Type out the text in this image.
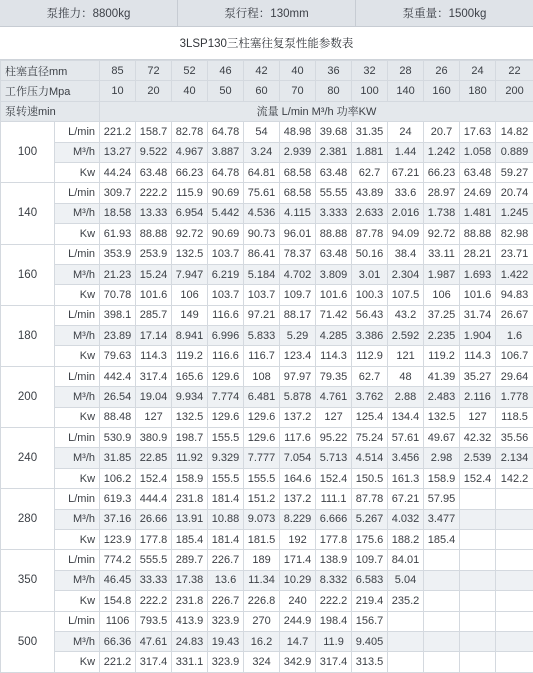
泵推力：8800kg	泵行程：130mm	泵重量：1500kg
3LSP130三柱塞往复泵性能参数表
柱塞直径mm		85	72	52	46	42	40	36	32	28	26	24	22
工作压力Mpa		10	20	40	50	60	70	80	100	140	160	180	200
泵转速min		流量 L/min M³/h 功率KW											
100	L/min	221.2	158.7	82.78	64.78	54	48.98	39.68	31.35	24	20.7	17.63	14.82
	M³/h	13.27	9.522	4.967	3.887	3.24	2.939	2.381	1.881	1.44	1.242	1.058	0.889
	Kw	44.24	63.48	66.23	64.78	64.81	68.58	63.48	62.7	67.21	66.23	63.48	59.27
140	L/min	309.7	222.2	115.9	90.69	75.61	68.58	55.55	43.89	33.6	28.97	24.69	20.74
	M³/h	18.58	13.33	6.954	5.442	4.536	4.115	3.333	2.633	2.016	1.738	1.481	1.245
	Kw	61.93	88.88	92.72	90.69	90.73	96.01	88.88	87.78	94.09	92.72	88.88	82.98
160	L/min	353.9	253.9	132.5	103.7	86.41	78.37	63.48	50.16	38.4	33.11	28.21	23.71
	M³/h	21.23	15.24	7.947	6.219	5.184	4.702	3.809	3.01	2.304	1.987	1.693	1.422
	Kw	70.78	101.6	106	103.7	103.7	109.7	101.6	100.3	107.5	106	101.6	94.83
180	L/min	398.1	285.7	149	116.6	97.21	88.17	71.42	56.43	43.2	37.25	31.74	26.67
	M³/h	23.89	17.14	8.941	6.996	5.833	5.29	4.285	3.386	2.592	2.235	1.904	1.6
	Kw	79.63	114.3	119.2	116.6	116.7	123.4	114.3	112.9	121	119.2	114.3	106.7
200	L/min	442.4	317.4	165.6	129.6	108	97.97	79.35	62.7	48	41.39	35.27	29.64
	M³/h	26.54	19.04	9.934	7.774	6.481	5.878	4.761	3.762	2.88	2.483	2.116	1.778
	Kw	88.48	127	132.5	129.6	129.6	137.2	127	125.4	134.4	132.5	127	118.5
240	L/min	530.9	380.9	198.7	155.5	129.6	117.6	95.22	75.24	57.61	49.67	42.32	35.56
	M³/h	31.85	22.85	11.92	9.329	7.777	7.054	5.713	4.514	3.456	2.98	2.539	2.134
	Kw	106.2	152.4	158.9	155.5	155.5	164.6	152.4	150.5	161.3	158.9	152.4	142.2
280	L/min	619.3	444.4	231.8	181.4	151.2	137.2	111.1	87.78	67.21	57.95		
	M³/h	37.16	26.66	13.91	10.88	9.073	8.229	6.666	5.267	4.032	3.477		
	Kw	123.9	177.8	185.4	181.4	181.5	192	177.8	175.6	188.2	185.4		
350	L/min	774.2	555.5	289.7	226.7	189	171.4	138.9	109.7	84.01			
	M³/h	46.45	33.33	17.38	13.6	11.34	10.29	8.332	6.583	5.04			
	Kw	154.8	222.2	231.8	226.7	226.8	240	222.2	219.4	235.2			
500	L/min	1106	793.5	413.9	323.9	270	244.9	198.4	156.7				
	M³/h	66.36	47.61	24.83	19.43	16.2	14.7	11.9	9.405				
	Kw	221.2	317.4	331.1	323.9	324	342.9	317.4	313.5				
